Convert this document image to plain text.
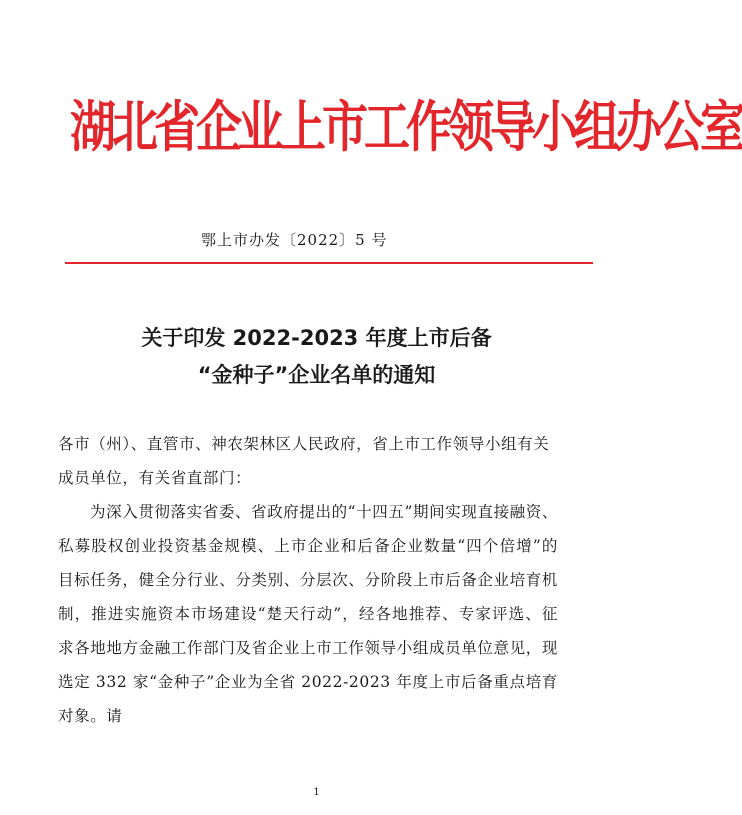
湖北省企业上市工作领导小组办公室
鄂上市办发〔2022〕5 号
关于印发 2022-2023 年度上市后备
“金种子”企业名单的通知

各市（州）、直管市、神农架林区人民政府，省上市工作领导小组有关成员单位，有关省直部门：

为深入贯彻落实省委、省政府提出的“十四五”期间实现直接融资、私募股权创业投资基金规模、上市企业和后备企业数量“四个倍增”的目标任务，健全分行业、分类别、分层次、分阶段上市后备企业培育机制，推进实施资本市场建设“楚天行动”，经各地推荐、专家评选、征求各地地方金融工作部门及省企业上市工作领导小组成员单位意见，现选定 332 家“金种子”企业为全省 2022-2023 年度上市后备重点培育对象。请

1
